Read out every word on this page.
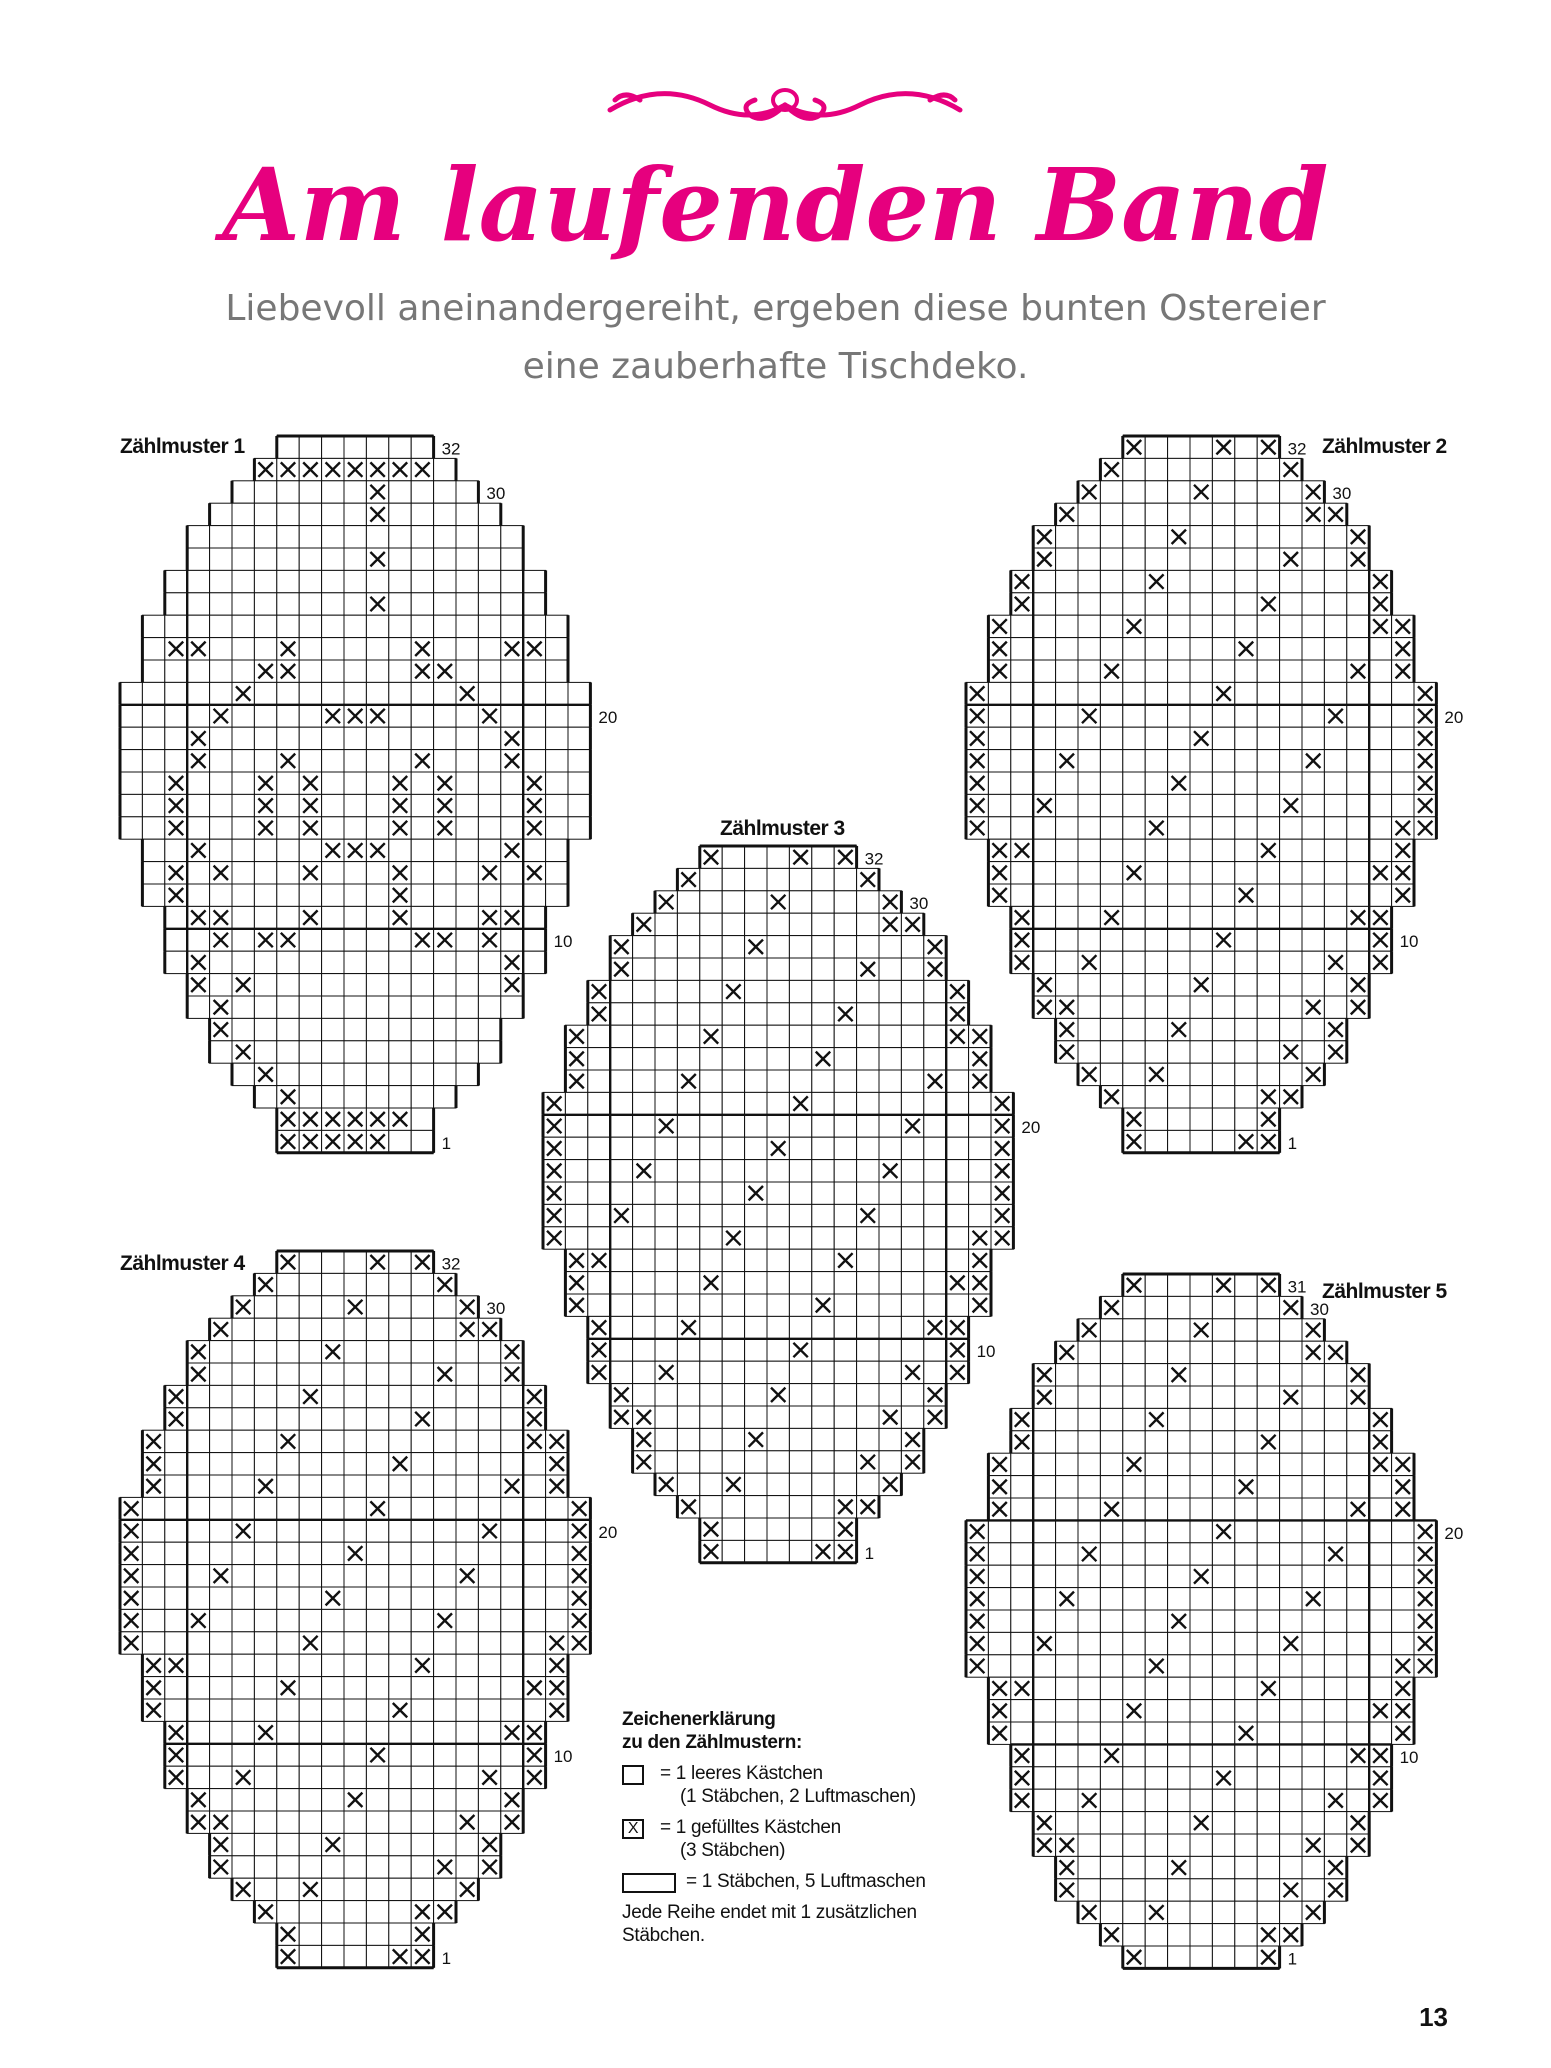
Am laufenden Band

Liebevoll aneinandergereiht, ergeben diese bunten Ostereier
eine zauberhafte Tischdeko.

Zählmuster 1	32
30
20
10
1
Zählmuster 2
32
30
20
10
1
Zählmuster 3
32
30
20
10
1
Zählmuster 4	32
30
20
10
1
Zählmuster 5
31
30
20
10
1
Zeichenerklärung
zu den Zählmustern:
= 1 leeres Kästchen
(1 Stäbchen, 2 Luftmaschen)
X	= 1 gefülltes Kästchen
(3 Stäbchen)
= 1 Stäbchen, 5 Luftmaschen
Jede Reihe endet mit 1 zusätzlichen
Stäbchen.
13
